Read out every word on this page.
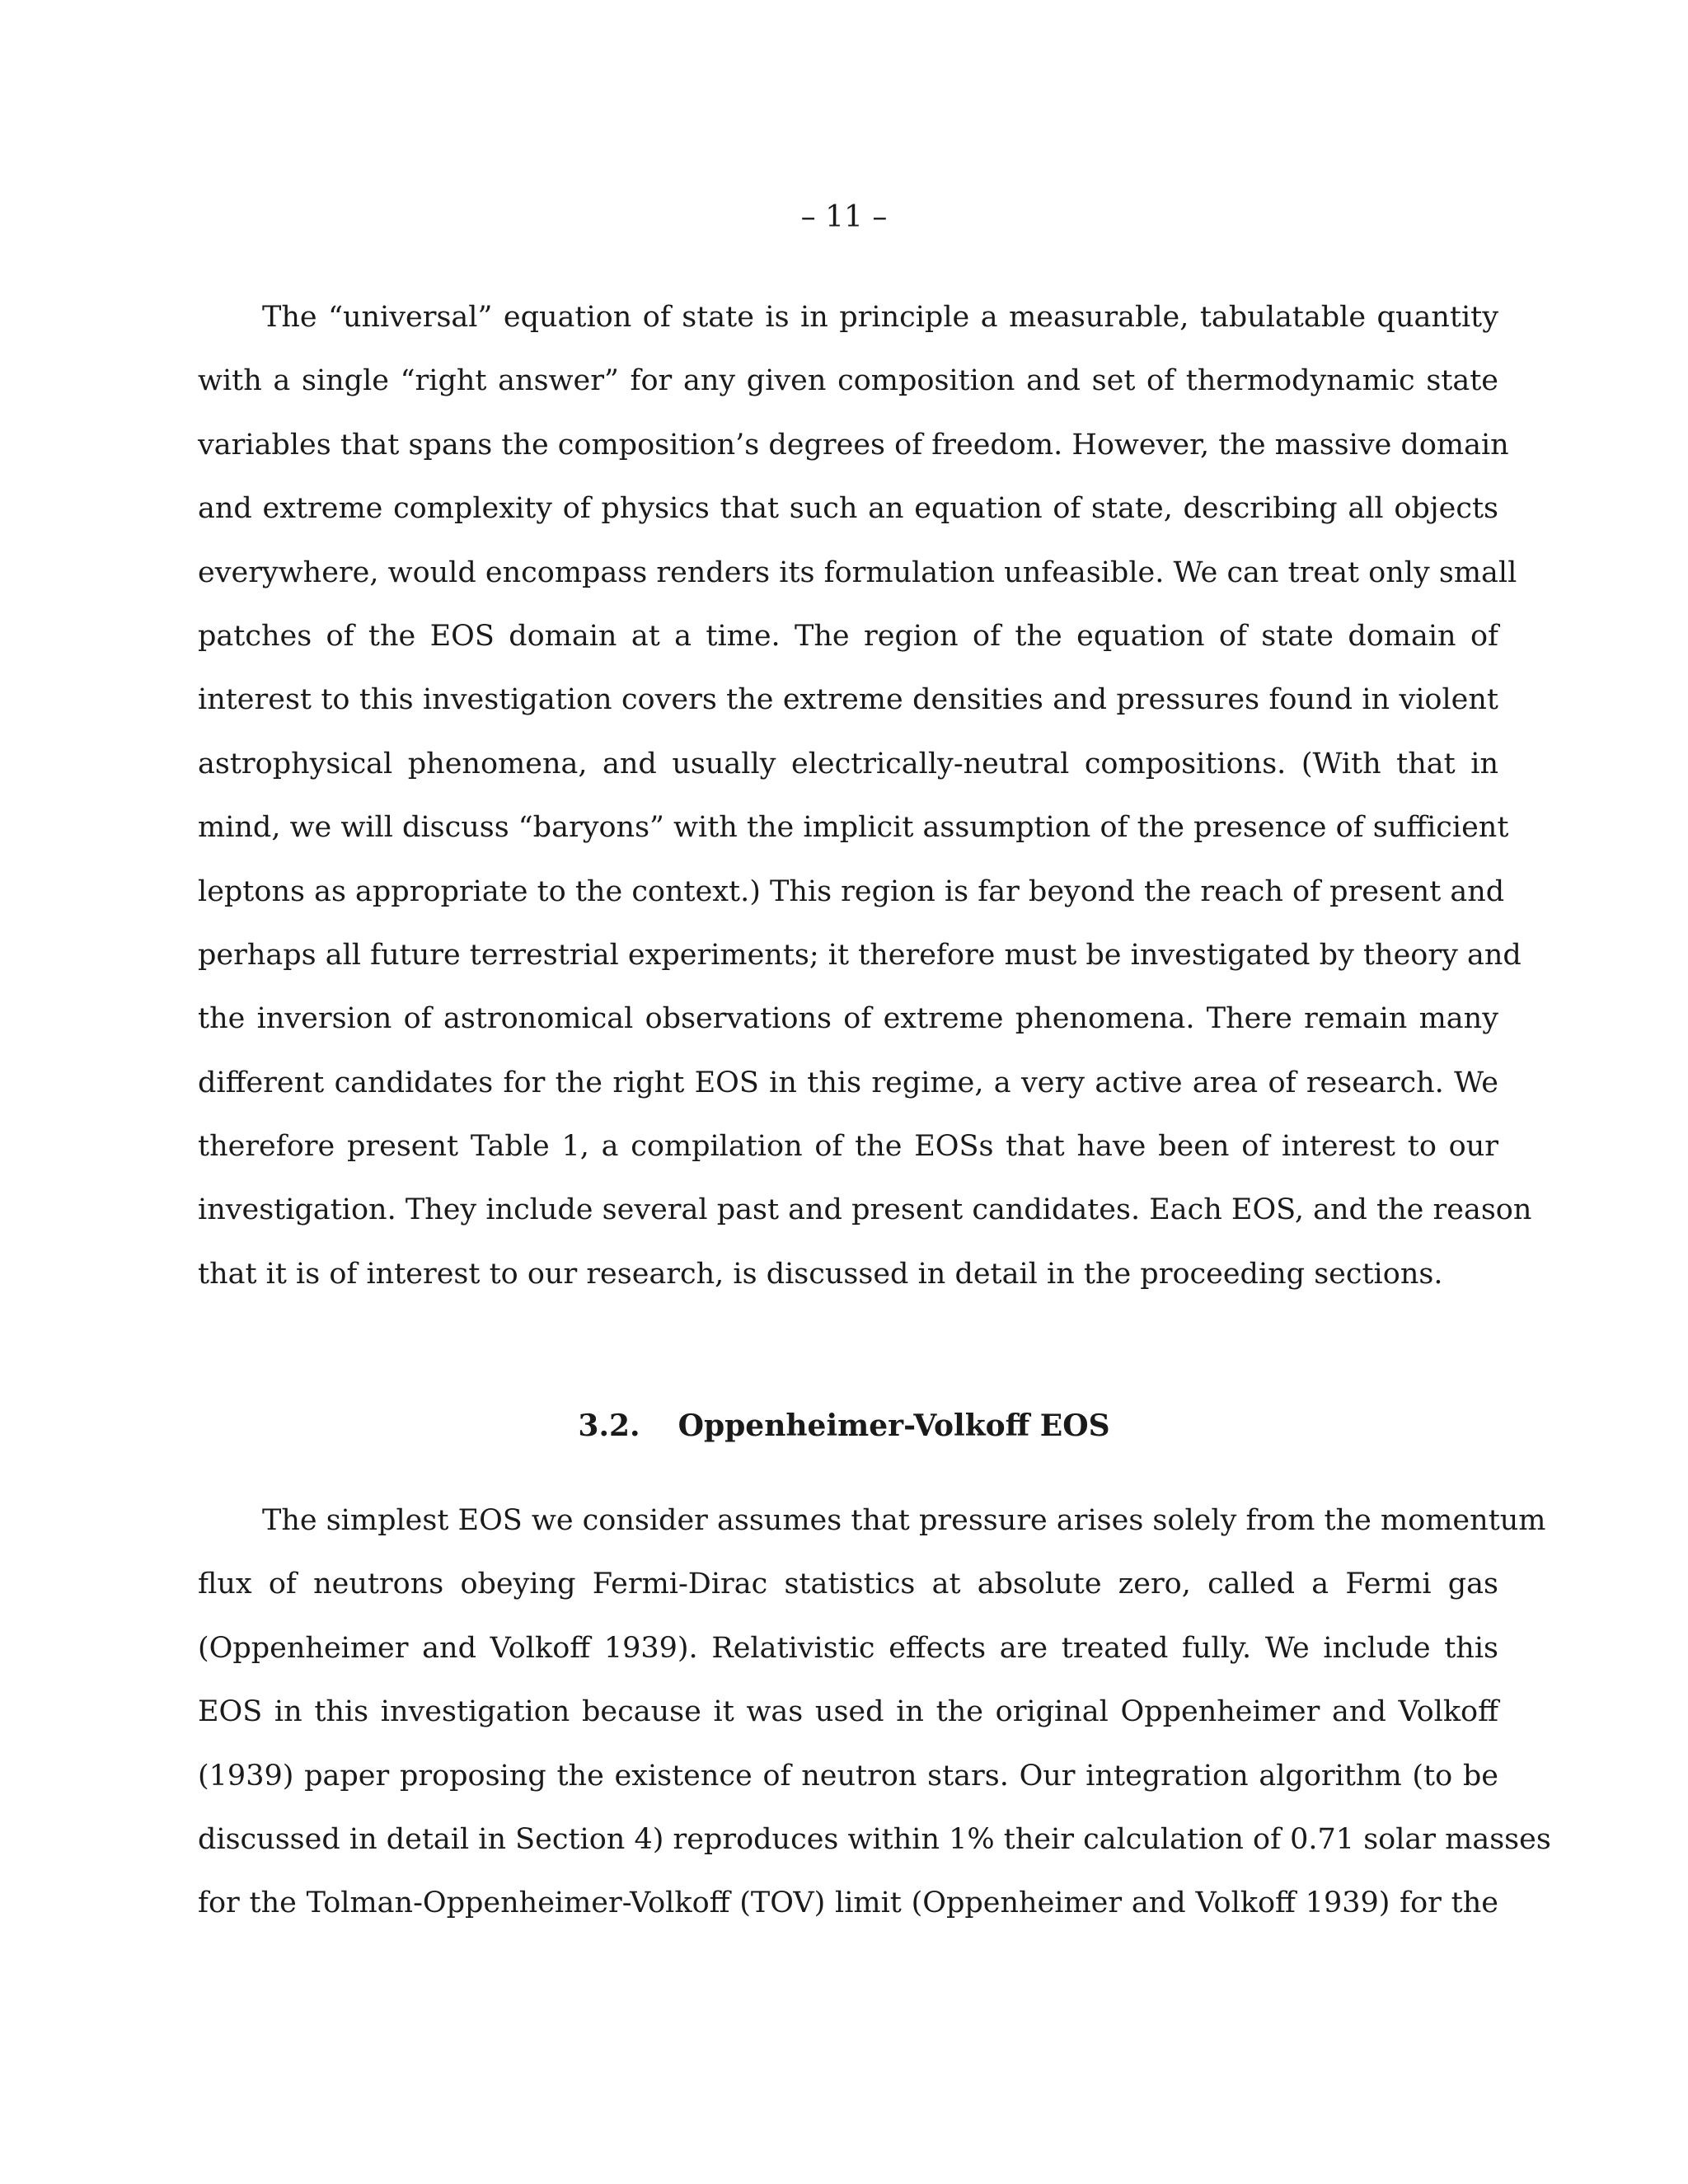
– 11 –
The “universal” equation of state is in principle a measurable, tabulatable quantity
with a single “right answer” for any given composition and set of thermodynamic state
variables that spans the composition’s degrees of freedom. However, the massive domain
and extreme complexity of physics that such an equation of state, describing all objects
everywhere, would encompass renders its formulation unfeasible. We can treat only small
patches of the EOS domain at a time. The region of the equation of state domain of
interest to this investigation covers the extreme densities and pressures found in violent
astrophysical phenomena, and usually electrically-neutral compositions. (With that in
mind, we will discuss “baryons” with the implicit assumption of the presence of sufficient
leptons as appropriate to the context.) This region is far beyond the reach of present and
perhaps all future terrestrial experiments; it therefore must be investigated by theory and
the inversion of astronomical observations of extreme phenomena. There remain many
different candidates for the right EOS in this regime, a very active area of research. We
therefore present Table 1, a compilation of the EOSs that have been of interest to our
investigation. They include several past and present candidates. Each EOS, and the reason
that it is of interest to our research, is discussed in detail in the proceeding sections.
3.2. Oppenheimer-Volkoff EOS
The simplest EOS we consider assumes that pressure arises solely from the momentum
flux of neutrons obeying Fermi-Dirac statistics at absolute zero, called a Fermi gas
(Oppenheimer and Volkoff 1939). Relativistic effects are treated fully. We include this
EOS in this investigation because it was used in the original Oppenheimer and Volkoff
(1939) paper proposing the existence of neutron stars. Our integration algorithm (to be
discussed in detail in Section 4) reproduces within 1% their calculation of 0.71 solar masses
for the Tolman-Oppenheimer-Volkoff (TOV) limit (Oppenheimer and Volkoff 1939) for the
